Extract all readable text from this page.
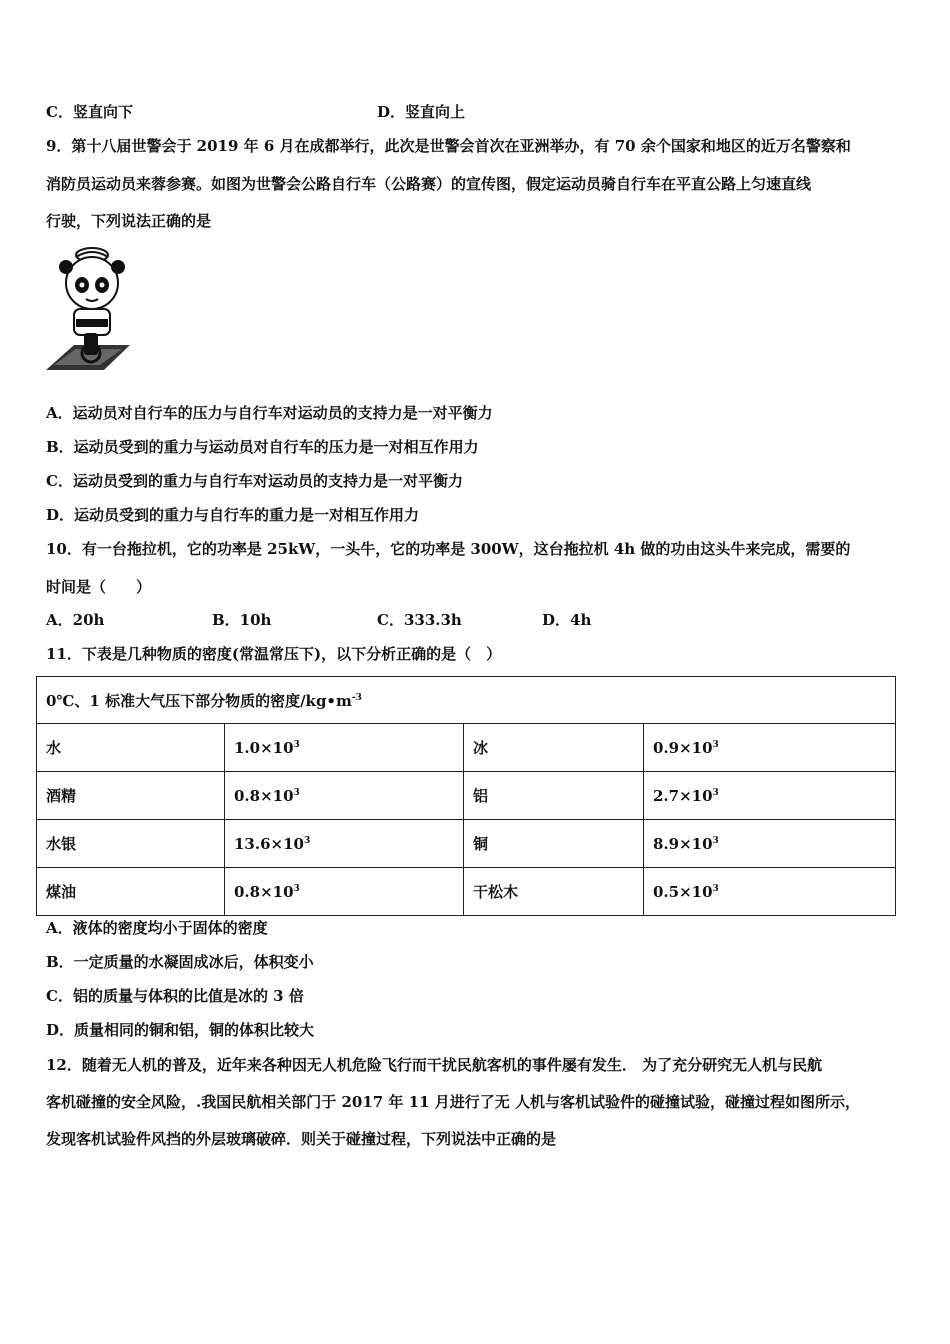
C．竖直向下	D．竖直向上
9．第十八届世警会于 2019 年 6 月在成都举行，此次是世警会首次在亚洲举办，有 70 余个国家和地区的近万名警察和
消防员运动员来蓉参赛。如图为世警会公路自行车（公路赛）的宣传图，假定运动员骑自行车在平直公路上匀速直线
行驶，下列说法正确的是
A．运动员对自行车的压力与自行车对运动员的支持力是一对平衡力
B．运动员受到的重力与运动员对自行车的压力是一对相互作用力
C．运动员受到的重力与自行车对运动员的支持力是一对平衡力
D．运动员受到的重力与自行车的重力是一对相互作用力
10．有一台拖拉机，它的功率是 25kW，一头牛，它的功率是 300W，这台拖拉机 4h 做的功由这头牛来完成，需要的
时间是（　　）
A．20h	B．10h	C．333.3h	D．4h
11．下表是几种物质的密度(常温常压下)，以下分析正确的是（　）
0℃、1 标准大气压下部分物质的密度$/kg•m^{-3}$
水	$1.0\times 10^3$	冰	$0.9\times 10^3$
酒精	$0.8\times 10^3$	铝	$2.7\times 10^3$
水银	$13.6\times 10^3$	铜	$8.9\times 10^3$
煤油	$0.8\times 10^3$	干松木	$0.5\times 10^3$
A．液体的密度均小于固体的密度
B．一定质量的水凝固成冰后，体积变小
C．铝的质量与体积的比值是冰的 3 倍
D．质量相同的铜和铝，铜的体积比较大
12．随着无人机的普及，近年来各种因无人机危险飞行而干扰民航客机的事件屡有发生． 为了充分研究无人机与民航
客机碰撞的安全风险，.我国民航相关部门于 2017 年 11 月进行了无 人机与客机试验件的碰撞试验，碰撞过程如图所示，
发现客机试验件风挡的外层玻璃破碎．则关于碰撞过程，下列说法中正确的是
